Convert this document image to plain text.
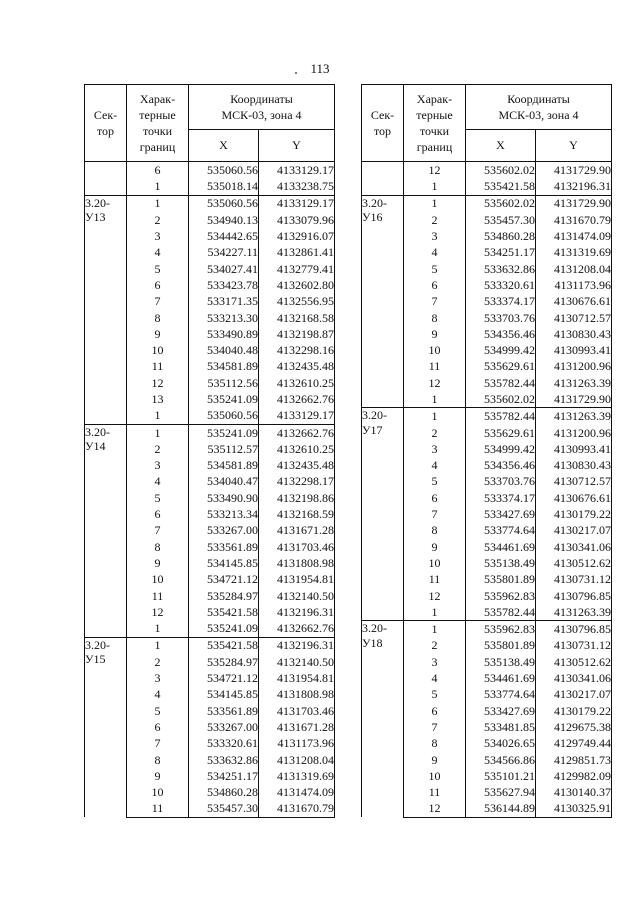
113
Сек-
тор	Харак-
терные
точки
границ	Координаты
МСК-03, зона 4	
		X	Y
	6	535060.56	4133129.17
	1	535018.14	4133238.75
3.20-
У13	1	535060.56	4133129.17
	2	534940.13	4133079.96
	3	534442.65	4132916.07
	4	534227.11	4132861.41
	5	534027.41	4132779.41
	6	533423.78	4132602.80
	7	533171.35	4132556.95
	8	533213.30	4132168.58
	9	533490.89	4132198.87
	10	534040.48	4132298.16
	11	534581.89	4132435.48
	12	535112.56	4132610.25
	13	535241.09	4132662.76
	1	535060.56	4133129.17
3.20-
У14	1	535241.09	4132662.76
	2	535112.57	4132610.25
	3	534581.89	4132435.48
	4	534040.47	4132298.17
	5	533490.90	4132198.86
	6	533213.34	4132168.59
	7	533267.00	4131671.28
	8	533561.89	4131703.46
	9	534145.85	4131808.98
	10	534721.12	4131954.81
	11	535284.97	4132140.50
	12	535421.58	4132196.31
	1	535241.09	4132662.76
3.20-
У15	1	535421.58	4132196.31
	2	535284.97	4132140.50
	3	534721.12	4131954.81
	4	534145.85	4131808.98
	5	533561.89	4131703.46
	6	533267.00	4131671.28
	7	533320.61	4131173.96
	8	533632.86	4131208.04
	9	534251.17	4131319.69
	10	534860.28	4131474.09
	11	535457.30	4131670.79
Сек-
тор	Харак-
терные
точки
границ	Координаты
МСК-03, зона 4	
		X	Y
	12	535602.02	4131729.90
	1	535421.58	4132196.31
3.20-
У16	1	535602.02	4131729.90
	2	535457.30	4131670.79
	3	534860.28	4131474.09
	4	534251.17	4131319.69
	5	533632.86	4131208.04
	6	533320.61	4131173.96
	7	533374.17	4130676.61
	8	533703.76	4130712.57
	9	534356.46	4130830.43
	10	534999.42	4130993.41
	11	535629.61	4131200.96
	12	535782.44	4131263.39
	1	535602.02	4131729.90
3.20-
У17	1	535782.44	4131263.39
	2	535629.61	4131200.96
	3	534999.42	4130993.41
	4	534356.46	4130830.43
	5	533703.76	4130712.57
	6	533374.17	4130676.61
	7	533427.69	4130179.22
	8	533774.64	4130217.07
	9	534461.69	4130341.06
	10	535138.49	4130512.62
	11	535801.89	4130731.12
	12	535962.83	4130796.85
	1	535782.44	4131263.39
3.20-
У18	1	535962.83	4130796.85
	2	535801.89	4130731.12
	3	535138.49	4130512.62
	4	534461.69	4130341.06
	5	533774.64	4130217.07
	6	533427.69	4130179.22
	7	533481.85	4129675.38
	8	534026.65	4129749.44
	9	534566.86	4129851.73
	10	535101.21	4129982.09
	11	535627.94	4130140.37
	12	536144.89	4130325.91
